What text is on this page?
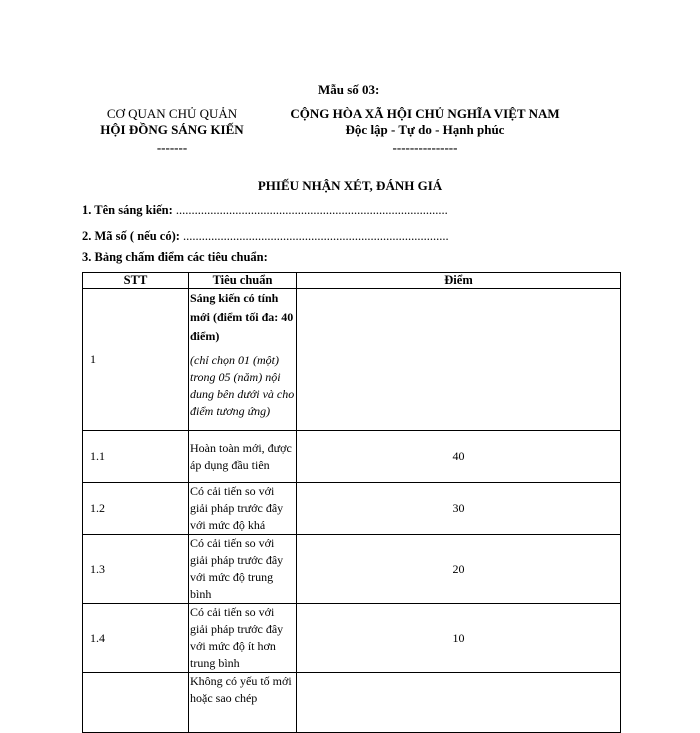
Mẫu số 03:
CƠ QUAN CHỦ QUẢN
HỘI ĐỒNG SÁNG KIẾN
-------
CỘNG HÒA XÃ HỘI CHỦ NGHĨA VIỆT NAM
Độc lập - Tự do - Hạnh phúc
---------------
PHIẾU NHẬN XÉT, ĐÁNH GIÁ
1. Tên sáng kiến: .......................................................................................
2. Mã số ( nếu có): .....................................................................................
3. Bảng chấm điểm các tiêu chuẩn:
STT	Tiêu chuẩn	Điểm
1	Sáng kiến có tính mới (điểm tối đa: 40 điểm)
(chỉ chọn 01 (một) trong 05 (năm) nội dung bên dưới và cho điểm tương ứng)	

1.1	Hoàn toàn mới, được áp dụng đầu tiên	40
1.2	Có cải tiến so với giải pháp trước đây với mức độ khá	30
1.3	Có cải tiến so với giải pháp trước đây với mức độ trung bình	20
1.4	Có cải tiến so với giải pháp trước đây với mức độ ít hơn trung bình	10
	Không có yếu tố mới hoặc sao chép	
